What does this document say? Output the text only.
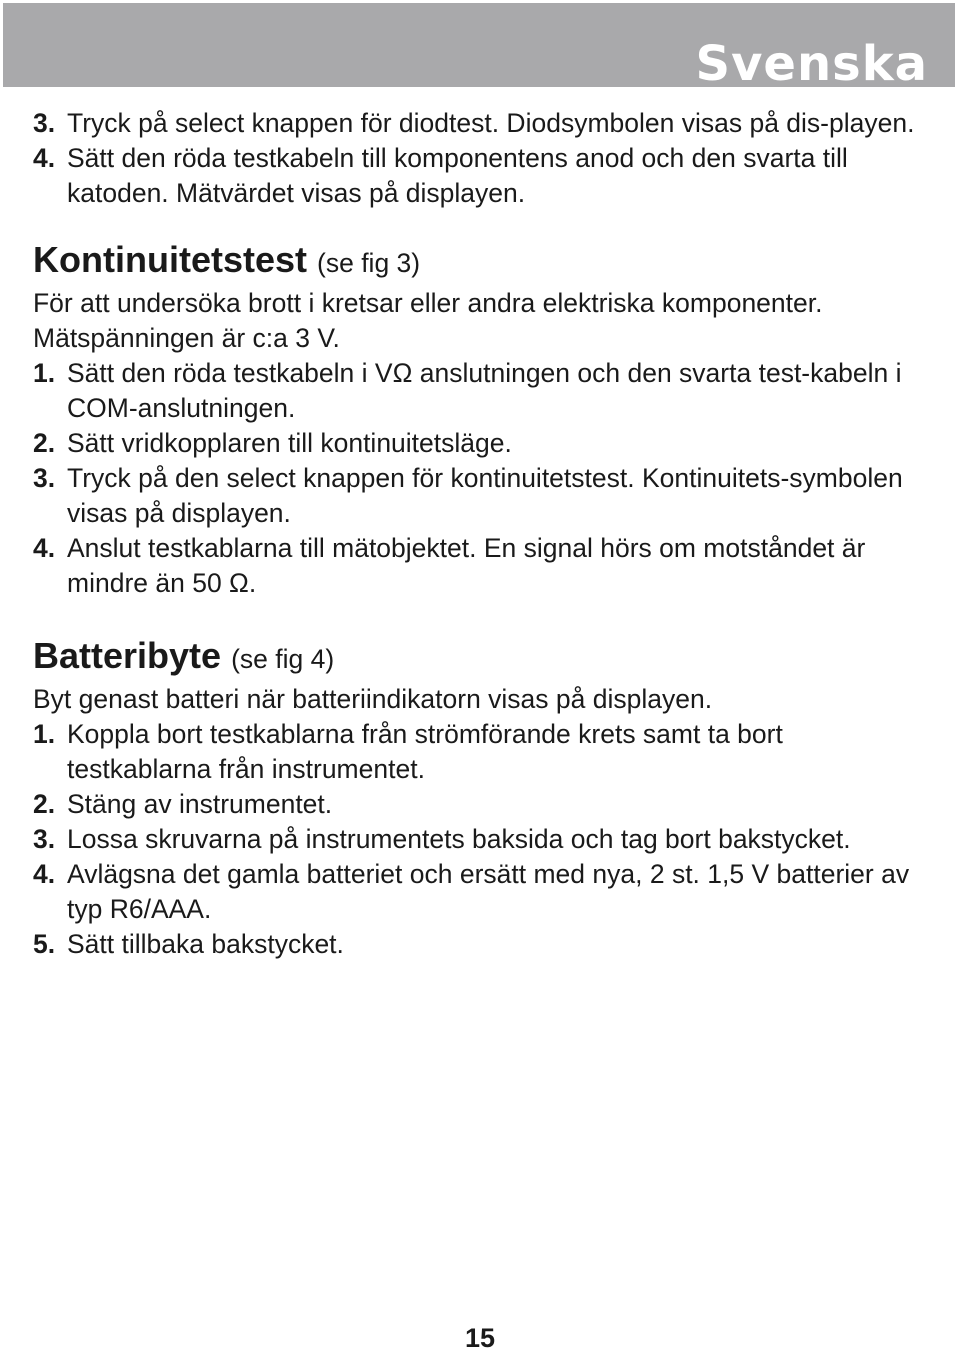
Svenska
3. Tryck på select knappen för diodtest. Diodsymbolen visas på dis-playen.
4. Sätt den röda testkabeln till komponentens anod och den svarta till katoden. Mätvärdet visas på displayen.
Kontinuitetstest (se fig 3)
För att undersöka brott i kretsar eller andra elektriska komponenter. Mätspänningen är c:a 3 V.
1. Sätt den röda testkabeln i VΩ anslutningen och den svarta test-kabeln i COM-anslutningen.
2. Sätt vridkopplaren till kontinuitetsläge.
3. Tryck på den select knappen för kontinuitetstest. Kontinuitets-symbolen visas på displayen.
4. Anslut testkablarna till mätobjektet. En signal hörs om motståndet är mindre än 50 Ω.
Batteribyte (se fig 4)
Byt genast batteri när batteriindikatorn visas på displayen.
1. Koppla bort testkablarna från strömförande krets samt ta bort testkablarna från instrumentet.
2. Stäng av instrumentet.
3. Lossa skruvarna på instrumentets baksida och tag bort bakstycket.
4. Avlägsna det gamla batteriet och ersätt med nya, 2 st. 1,5 V batterier av typ R6/AAA.
5. Sätt tillbaka bakstycket.
15
